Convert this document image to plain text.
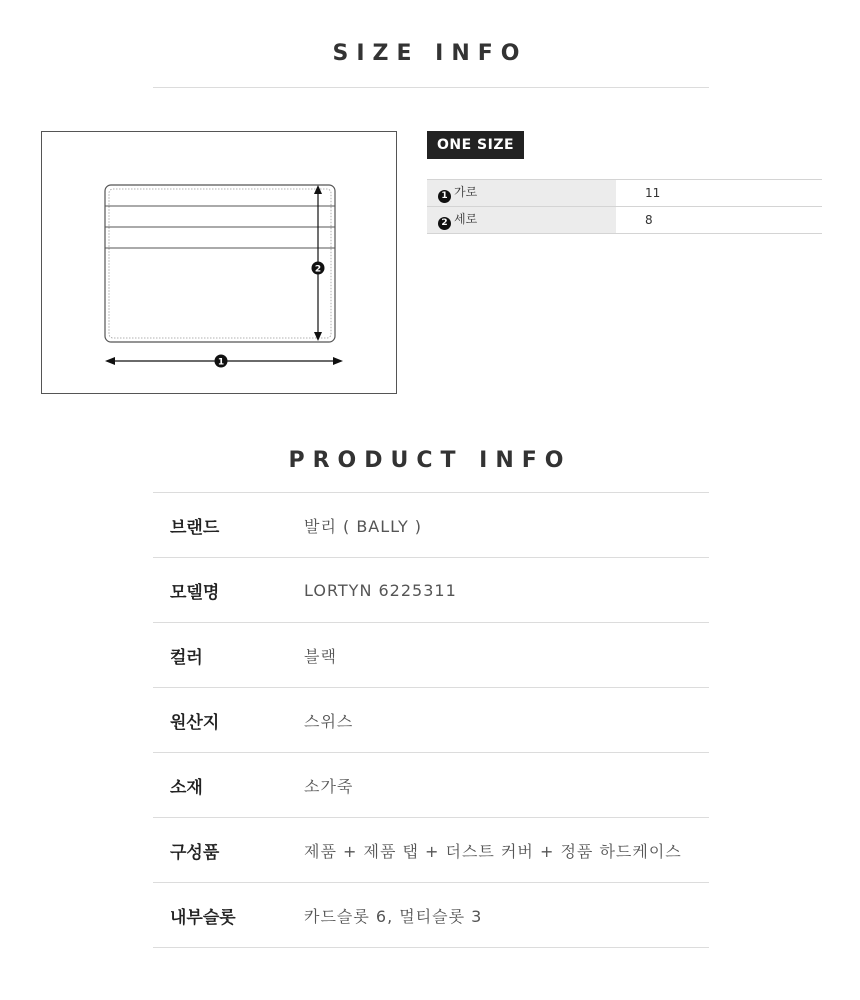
SIZE INFO
2
1
ONE SIZE
1 가로	11
2 세로	8
PRODUCT INFO
브랜드	발리 ( BALLY )
모델명	LORTYN 6225311
컬러	블랙
원산지	스위스
소재	소가죽
구성품	제품 + 제품 탭 + 더스트 커버 + 정품 하드케이스
내부슬롯	카드슬롯 6, 멀티슬롯 3
